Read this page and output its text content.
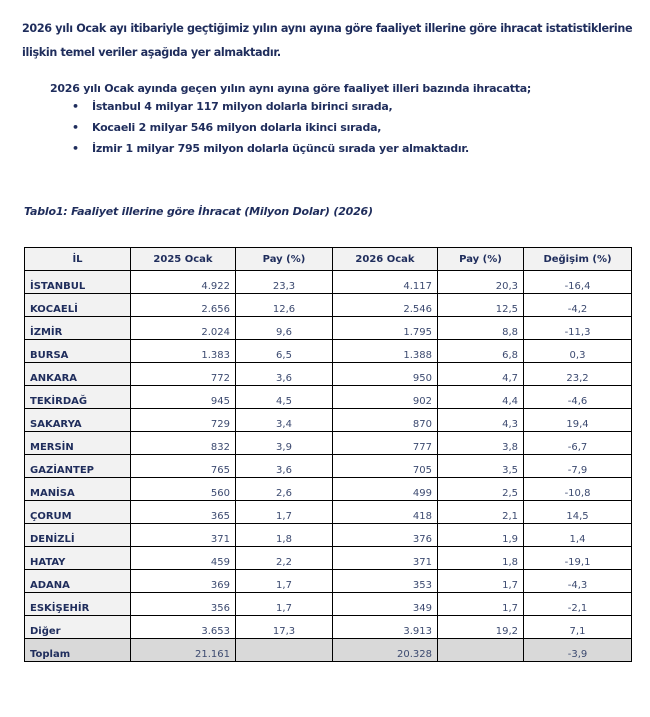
2026 yılı Ocak ayı itibariyle geçtiğimiz yılın aynı ayına göre faaliyet illerine göre ihracat istatistiklerine ilişkin temel veriler aşağıda yer almaktadır.
2026 yılı Ocak ayında geçen yılın aynı ayına göre faaliyet illeri bazında ihracatta;
• İstanbul 4 milyar 117 milyon dolarla birinci sırada,
• Kocaeli 2 milyar 546 milyon dolarla ikinci sırada,
• İzmir 1 milyar 795 milyon dolarla üçüncü sırada yer almaktadır.
Tablo1: Faaliyet illerine göre İhracat (Milyon Dolar) (2026)
İL	2025 Ocak	Pay (%)	2026 Ocak	Pay (%)	Değişim (%)
İSTANBUL	4.922	23,3	4.117	20,3	-16,4
KOCAELİ	2.656	12,6	2.546	12,5	-4,2
İZMİR	2.024	9,6	1.795	8,8	-11,3
BURSA	1.383	6,5	1.388	6,8	0,3
ANKARA	772	3,6	950	4,7	23,2
TEKİRDAĞ	945	4,5	902	4,4	-4,6
SAKARYA	729	3,4	870	4,3	19,4
MERSİN	832	3,9	777	3,8	-6,7
GAZİANTEP	765	3,6	705	3,5	-7,9
MANİSA	560	2,6	499	2,5	-10,8
ÇORUM	365	1,7	418	2,1	14,5
DENİZLİ	371	1,8	376	1,9	1,4
HATAY	459	2,2	371	1,8	-19,1
ADANA	369	1,7	353	1,7	-4,3
ESKİŞEHİR	356	1,7	349	1,7	-2,1
Diğer	3.653	17,3	3.913	19,2	7,1
Toplam	21.161		20.328		-3,9
